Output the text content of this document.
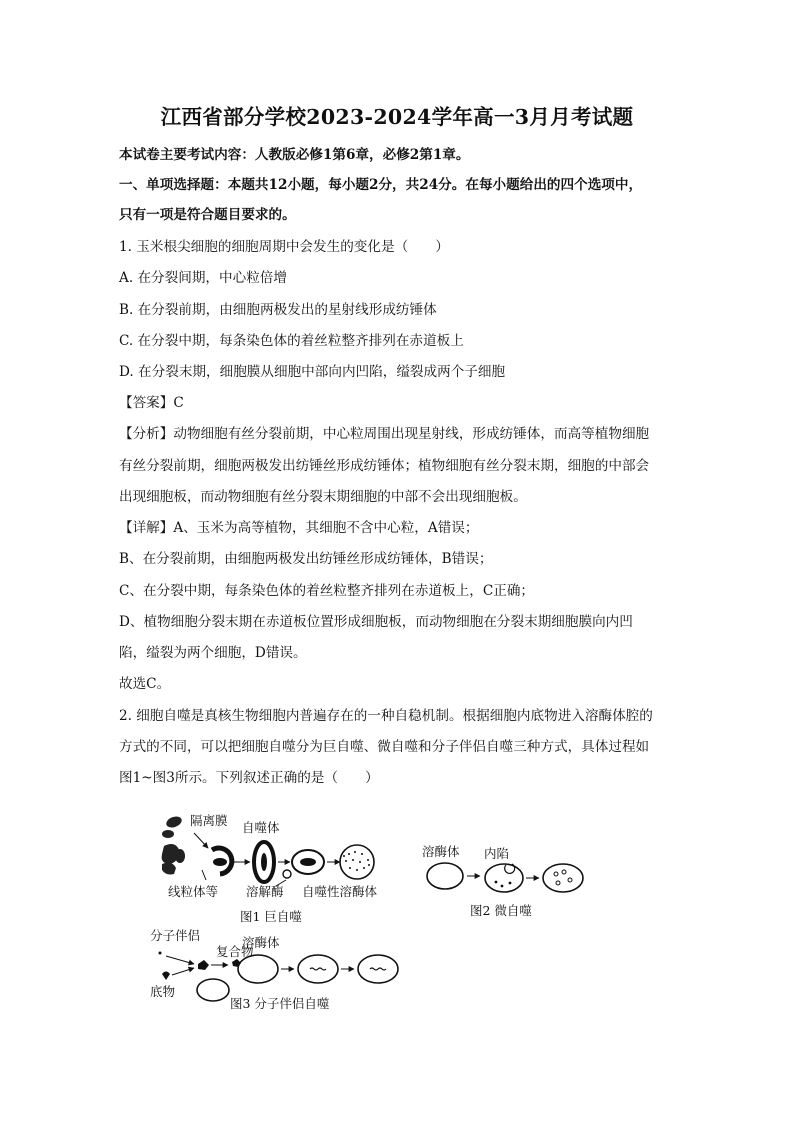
江西省部分学校2023-2024学年高一3月月考试题
本试卷主要考试内容：人教版必修1第6章，必修2第1章。
一、单项选择题：本题共12小题，每小题2分，共24分。在每小题给出的四个选项中，
只有一项是符合题目要求的。
1. 玉米根尖细胞的细胞周期中会发生的变化是（　　）
A. 在分裂间期，中心粒倍增
B. 在分裂前期，由细胞两极发出的星射线形成纺锤体
C. 在分裂中期，每条染色体的着丝粒整齐排列在赤道板上
D. 在分裂末期，细胞膜从细胞中部向内凹陷，缢裂成两个子细胞
【答案】C
【分析】动物细胞有丝分裂前期，中心粒周围出现星射线，形成纺锤体，而高等植物细胞
有丝分裂前期，细胞两极发出纺锤丝形成纺锤体；植物细胞有丝分裂末期，细胞的中部会
出现细胞板，而动物细胞有丝分裂末期细胞的中部不会出现细胞板。
【详解】A、玉米为高等植物，其细胞不含中心粒，A错误；
B、在分裂前期，由细胞两极发出纺锤丝形成纺锤体，B错误；
C、在分裂中期，每条染色体的着丝粒整齐排列在赤道板上，C正确；
D、植物细胞分裂末期在赤道板位置形成细胞板，而动物细胞在分裂末期细胞膜向内凹
陷，缢裂为两个细胞，D错误。
故选C。
2. 细胞自噬是真核生物细胞内普遍存在的一种自稳机制。根据细胞内底物进入溶酶体腔的
方式的不同，可以把细胞自噬分为巨自噬、微自噬和分子伴侣自噬三种方式，具体过程如
图1~图3所示。下列叙述正确的是（　　）
隔离膜
线粒体等
自噬体
溶解酶 自噬性溶酶体
图1 巨自噬
溶酶体 内陷
图2 微自噬
分子伴侣
复合物
溶酶体
底物
图3 分子伴侣自噬
